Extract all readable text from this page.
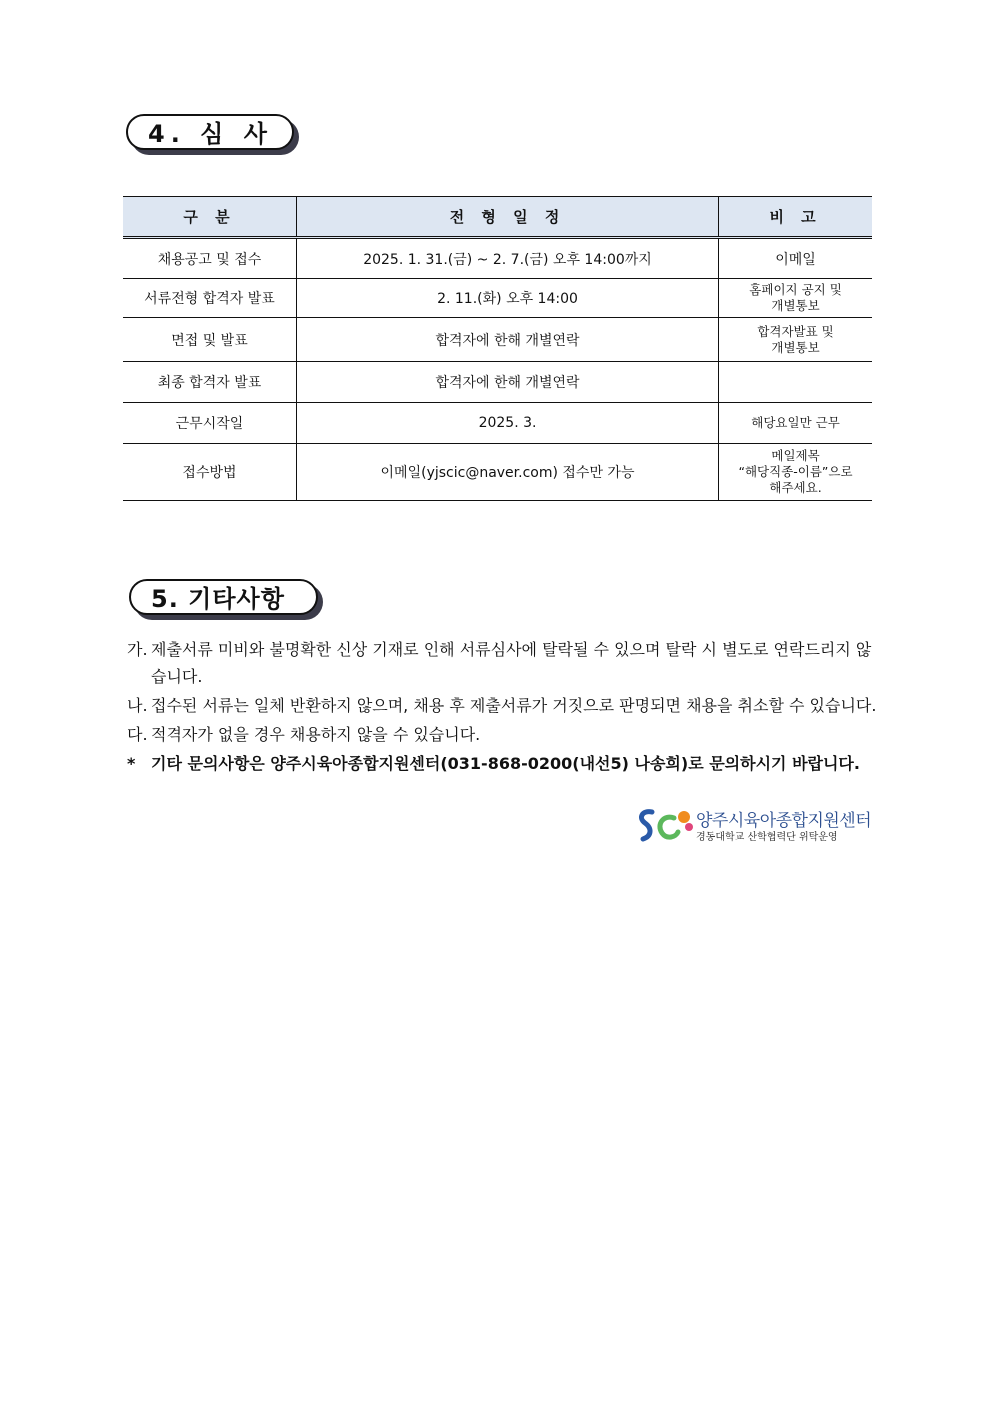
4. 심 사
구 분	전 형 일 정	비 고
채용공고 및 접수	2025. 1. 31.(금) ~ 2. 7.(금) 오후 14:00까지	이메일
서류전형 합격자 발표	2. 11.(화) 오후 14:00	홈페이지 공지 및
개별통보

면접 및 발표	합격자에 한해 개별연락	합격자발표 및
개별통보

최종 합격자 발표	합격자에 한해 개별연락	
근무시작일	2025. 3.	해당요일만 근무
접수방법	이메일(yjscic@naver.com) 접수만 가능	메일제목
“해당직종-이름”으로
해주세요.
5. 기타사항
가. 제출서류 미비와 불명확한 신상 기재로 인해 서류심사에 탈락될 수 있으며 탈락 시 별도로 연락드리지 않습니다.
나. 접수된 서류는 일체 반환하지 않으며, 채용 후 제출서류가 거짓으로 판명되면 채용을 취소할 수 있습니다.
다. 적격자가 없을 경우 채용하지 않을 수 있습니다.
* 기타 문의사항은 양주시육아종합지원센터(031-868-0200(내선5) 나송희)로 문의하시기 바랍니다.
양주시육아종합지원센터
경동대학교 산학협력단 위탁운영
